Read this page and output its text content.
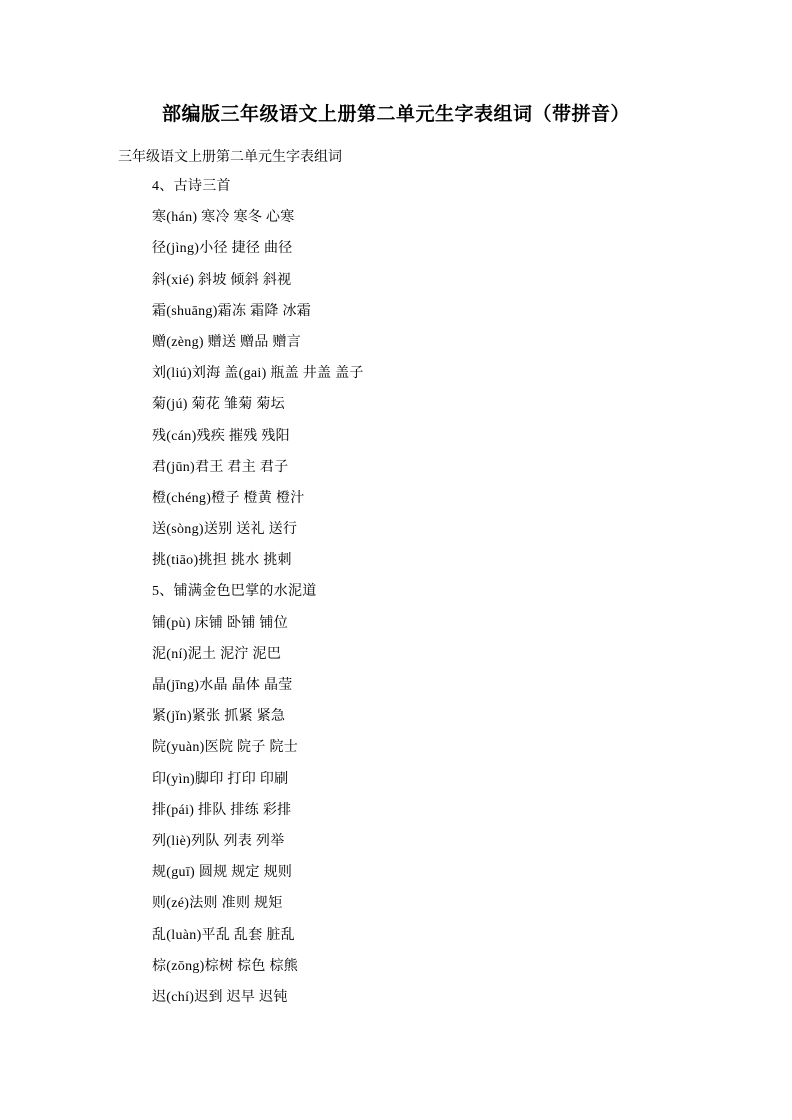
部编版三年级语文上册第二单元生字表组词（带拼音）

三年级语文上册第二单元生字表组词

4、古诗三首

寒(hán) 寒冷 寒冬 心寒

径(jìng)小径 捷径 曲径

斜(xié) 斜坡 倾斜 斜视

霜(shuāng)霜冻 霜降 冰霜

赠(zèng) 赠送 赠品 赠言

刘(liú)刘海 盖(gai) 瓶盖 井盖 盖子

菊(jú) 菊花 雏菊 菊坛

残(cán)残疾 摧残 残阳

君(jūn)君王 君主 君子

橙(chéng)橙子 橙黄 橙汁

送(sòng)送别 送礼 送行

挑(tiāo)挑担 挑水 挑刺

5、铺满金色巴掌的水泥道

铺(pù) 床铺 卧铺 铺位

泥(ní)泥土 泥泞 泥巴

晶(jīng)水晶 晶体 晶莹

紧(jǐn)紧张 抓紧 紧急

院(yuàn)医院 院子 院士

印(yìn)脚印 打印 印刷

排(pái) 排队 排练 彩排

列(liè)列队 列表 列举

规(guī) 圆规 规定 规则

则(zé)法则 准则 规矩

乱(luàn)平乱 乱套 脏乱

棕(zōng)棕树 棕色 棕熊

迟(chí)迟到 迟早 迟钝
